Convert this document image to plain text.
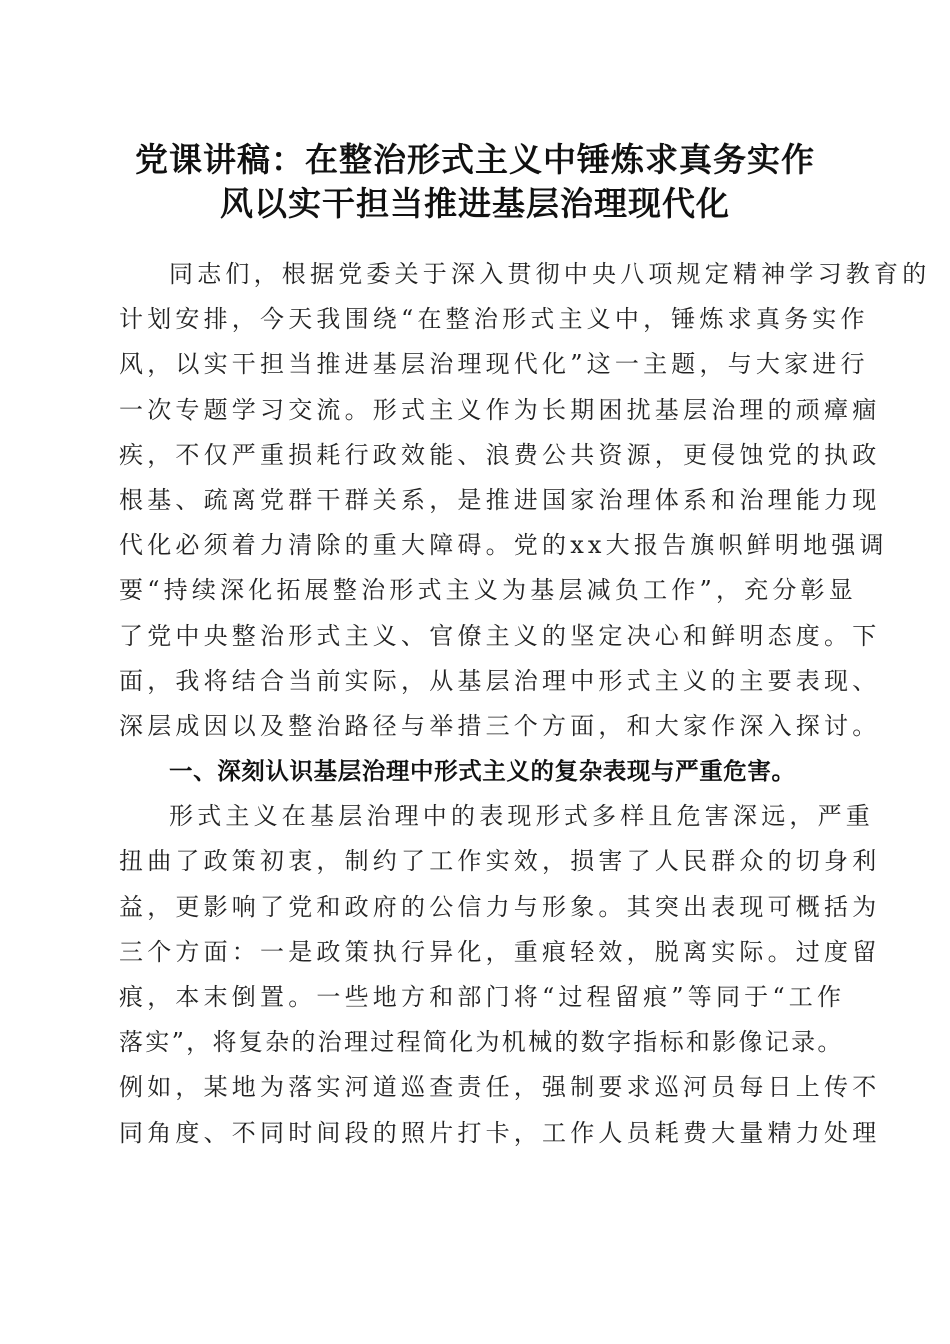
党课讲稿：在整治形式主义中锤炼求真务实作
风以实干担当推进基层治理现代化
同志们，根据党委关于深入贯彻中央八项规定精神学习教育的
计划安排，今天我围绕“在整治形式主义中，锤炼求真务实作
风，以实干担当推进基层治理现代化”这一主题，与大家进行
一次专题学习交流。形式主义作为长期困扰基层治理的顽瘴痼
疾，不仅严重损耗行政效能、浪费公共资源，更侵蚀党的执政
根基、疏离党群干群关系，是推进国家治理体系和治理能力现
代化必须着力清除的重大障碍。党的xx大报告旗帜鲜明地强调
要“持续深化拓展整治形式主义为基层减负工作”，充分彰显
了党中央整治形式主义、官僚主义的坚定决心和鲜明态度。下
面，我将结合当前实际，从基层治理中形式主义的主要表现、
深层成因以及整治路径与举措三个方面，和大家作深入探讨。
一、深刻认识基层治理中形式主义的复杂表现与严重危害。
形式主义在基层治理中的表现形式多样且危害深远，严重
扭曲了政策初衷，制约了工作实效，损害了人民群众的切身利
益，更影响了党和政府的公信力与形象。其突出表现可概括为
三个方面：一是政策执行异化，重痕轻效，脱离实际。过度留
痕，本末倒置。一些地方和部门将“过程留痕”等同于“工作
落实”，将复杂的治理过程简化为机械的数字指标和影像记录。
例如，某地为落实河道巡查责任，强制要求巡河员每日上传不
同角度、不同时间段的照片打卡，工作人员耗费大量精力处理
